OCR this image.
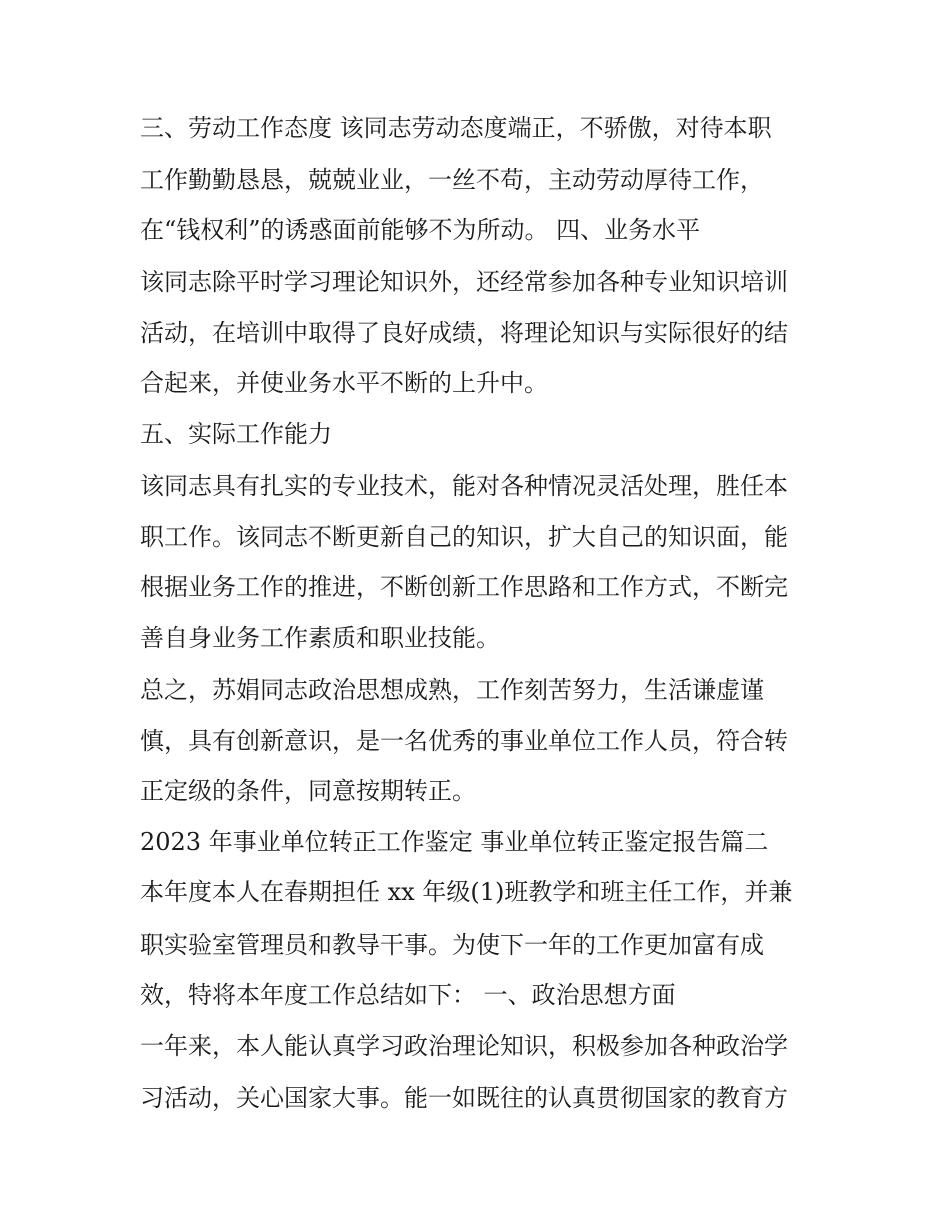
三、劳动工作态度 该同志劳动态度端正，不骄傲，对待本职
工作勤勤恳恳，兢兢业业，一丝不苟，主动劳动厚待工作，
在“钱权利”的诱惑面前能够不为所动。 四、业务水平
该同志除平时学习理论知识外，还经常参加各种专业知识培训
活动，在培训中取得了良好成绩，将理论知识与实际很好的结
合起来，并使业务水平不断的上升中。
五、实际工作能力
该同志具有扎实的专业技术，能对各种情况灵活处理，胜任本
职工作。该同志不断更新自己的知识，扩大自己的知识面，能
根据业务工作的推进，不断创新工作思路和工作方式，不断完
善自身业务工作素质和职业技能。
总之，苏娟同志政治思想成熟，工作刻苦努力，生活谦虚谨
慎，具有创新意识，是一名优秀的事业单位工作人员，符合转
正定级的条件，同意按期转正。
2023 年事业单位转正工作鉴定 事业单位转正鉴定报告篇二
本年度本人在春期担任 xx 年级(1)班教学和班主任工作，并兼
职实验室管理员和教导干事。为使下一年的工作更加富有成
效，特将本年度工作总结如下： 一、政治思想方面
一年来，本人能认真学习政治理论知识，积极参加各种政治学
习活动，关心国家大事。能一如既往的认真贯彻国家的教育方
